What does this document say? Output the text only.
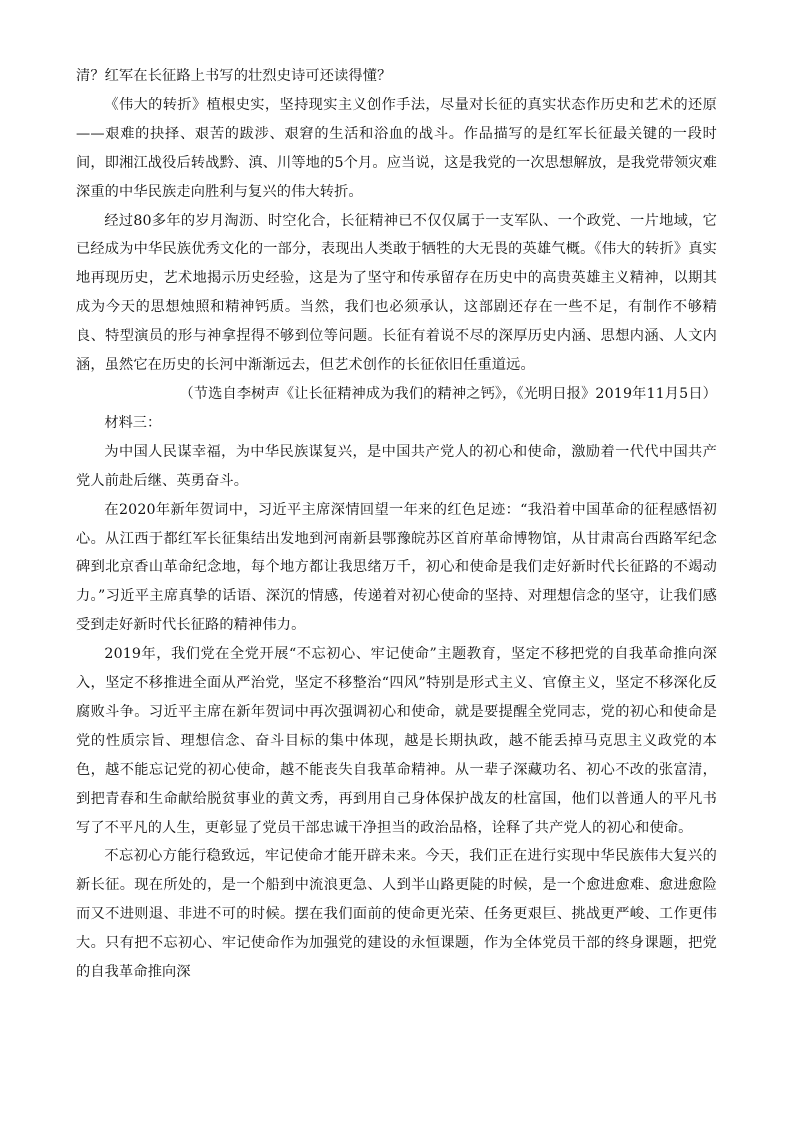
清？红军在长征路上书写的壮烈史诗可还读得懂？

《伟大的转折》植根史实，坚持现实主义创作手法，尽量对长征的真实状态作历史和艺术的还原——艰难的抉择、艰苦的跋涉、艰窘的生活和浴血的战斗。作品描写的是红军长征最关键的一段时间，即湘江战役后转战黔、滇、川等地的5个月。应当说，这是我党的一次思想解放，是我党带领灾难深重的中华民族走向胜利与复兴的伟大转折。

经过80多年的岁月淘沥、时空化合，长征精神已不仅仅属于一支军队、一个政党、一片地域，它已经成为中华民族优秀文化的一部分，表现出人类敢于牺牲的大无畏的英雄气概。《伟大的转折》真实地再现历史，艺术地揭示历史经验，这是为了坚守和传承留存在历史中的高贵英雄主义精神，以期其成为今天的思想烛照和精神钙质。当然，我们也必须承认，这部剧还存在一些不足，有制作不够精良、特型演员的形与神拿捏得不够到位等问题。长征有着说不尽的深厚历史内涵、思想内涵、人文内涵，虽然它在历史的长河中渐渐远去，但艺术创作的长征依旧任重道远。

（节选自李树声《让长征精神成为我们的精神之钙》，《光明日报》2019年11月5日）

材料三：

为中国人民谋幸福，为中华民族谋复兴，是中国共产党人的初心和使命，激励着一代代中国共产党人前赴后继、英勇奋斗。

在2020年新年贺词中，习近平主席深情回望一年来的红色足迹：“我沿着中国革命的征程感悟初心。从江西于都红军长征集结出发地到河南新县鄂豫皖苏区首府革命博物馆，从甘肃高台西路军纪念碑到北京香山革命纪念地，每个地方都让我思绪万千，初心和使命是我们走好新时代长征路的不竭动力。”习近平主席真挚的话语、深沉的情感，传递着对初心使命的坚持、对理想信念的坚守，让我们感受到走好新时代长征路的精神伟力。

2019年，我们党在全党开展“不忘初心、牢记使命”主题教育，坚定不移把党的自我革命推向深入，坚定不移推进全面从严治党，坚定不移整治“四风”特别是形式主义、官僚主义，坚定不移深化反腐败斗争。习近平主席在新年贺词中再次强调初心和使命，就是要提醒全党同志，党的初心和使命是党的性质宗旨、理想信念、奋斗目标的集中体现，越是长期执政，越不能丢掉马克思主义政党的本色，越不能忘记党的初心使命，越不能丧失自我革命精神。从一辈子深藏功名、初心不改的张富清，到把青春和生命献给脱贫事业的黄文秀，再到用自己身体保护战友的杜富国，他们以普通人的平凡书写了不平凡的人生，更彰显了党员干部忠诚干净担当的政治品格，诠释了共产党人的初心和使命。

不忘初心方能行稳致远，牢记使命才能开辟未来。今天，我们正在进行实现中华民族伟大复兴的新长征。现在所处的，是一个船到中流浪更急、人到半山路更陡的时候，是一个愈进愈难、愈进愈险而又不进则退、非进不可的时候。摆在我们面前的使命更光荣、任务更艰巨、挑战更严峻、工作更伟大。只有把不忘初心、牢记使命作为加强党的建设的永恒课题，作为全体党员干部的终身课题，把党的自我革命推向深
